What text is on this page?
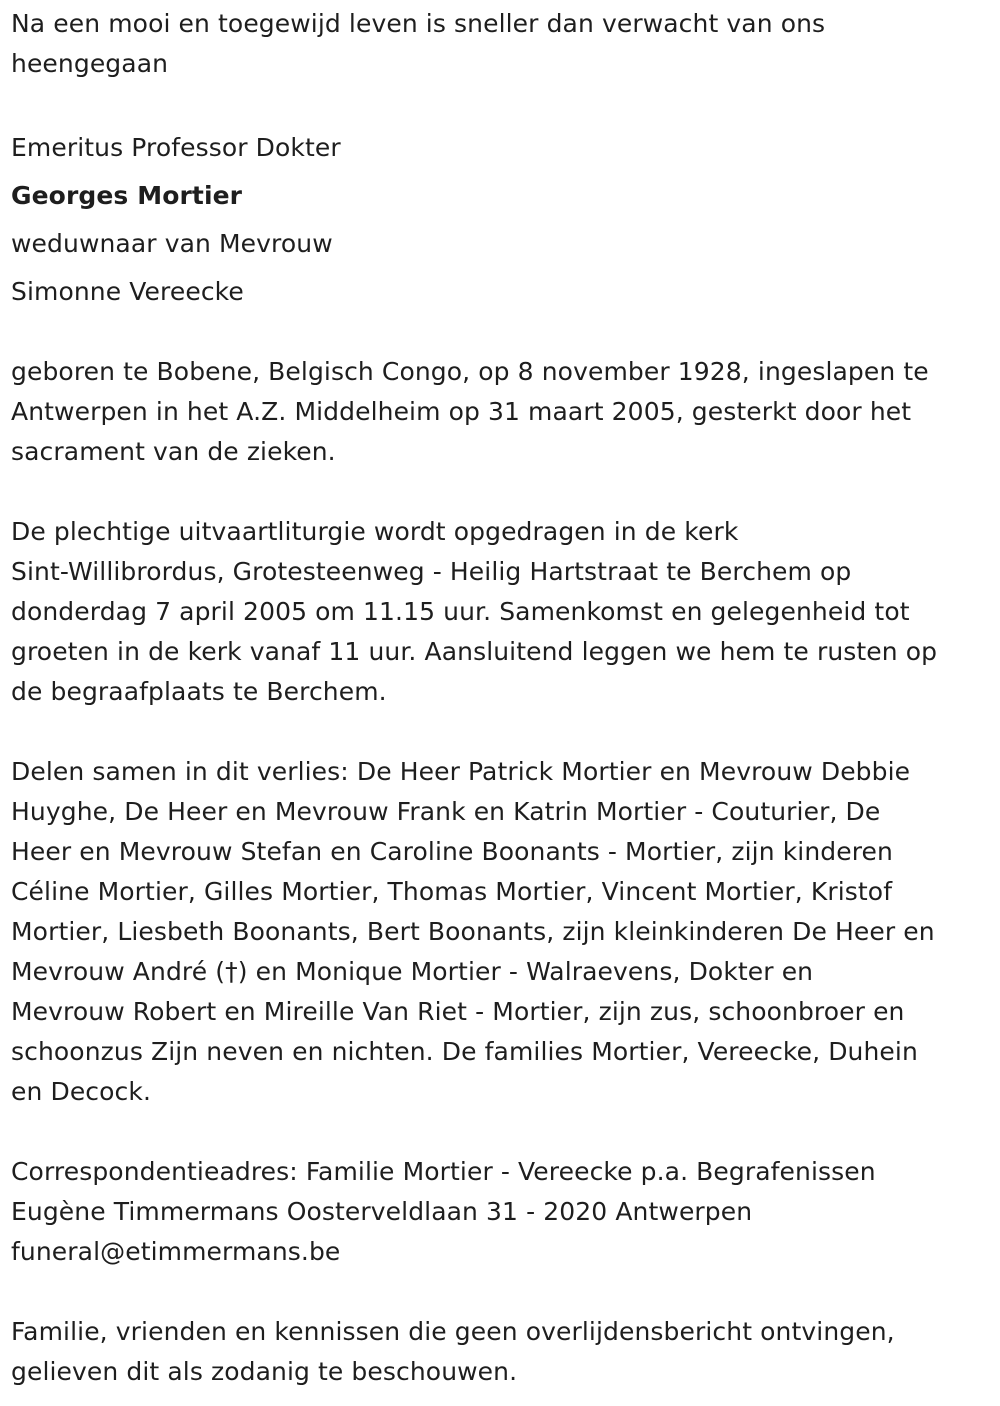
Na een mooi en toegewijd leven is sneller dan verwacht van ons

heengegaan

Emeritus Professor Dokter

Georges Mortier

weduwnaar van Mevrouw

Simonne Vereecke

geboren te Bobene, Belgisch Congo, op 8 november 1928, ingeslapen te

Antwerpen in het A.Z. Middelheim op 31 maart 2005, gesterkt door het

sacrament van de zieken.

De plechtige uitvaartliturgie wordt opgedragen in de kerk

Sint-Willibrordus, Grotesteenweg - Heilig Hartstraat te Berchem op

donderdag 7 april 2005 om 11.15 uur. Samenkomst en gelegenheid tot

groeten in de kerk vanaf 11 uur. Aansluitend leggen we hem te rusten op

de begraafplaats te Berchem.

Delen samen in dit verlies: De Heer Patrick Mortier en Mevrouw Debbie

Huyghe, De Heer en Mevrouw Frank en Katrin Mortier - Couturier, De

Heer en Mevrouw Stefan en Caroline Boonants - Mortier, zijn kinderen

Céline Mortier, Gilles Mortier, Thomas Mortier, Vincent Mortier, Kristof

Mortier, Liesbeth Boonants, Bert Boonants, zijn kleinkinderen De Heer en

Mevrouw André (†) en Monique Mortier - Walraevens, Dokter en

Mevrouw Robert en Mireille Van Riet - Mortier, zijn zus, schoonbroer en

schoonzus Zijn neven en nichten. De families Mortier, Vereecke, Duhein

en Decock.

Correspondentieadres: Familie Mortier - Vereecke p.a. Begrafenissen

Eugène Timmermans Oosterveldlaan 31 - 2020 Antwerpen

funeral@etimmermans.be

Familie, vrienden en kennissen die geen overlijdensbericht ontvingen,

gelieven dit als zodanig te beschouwen.
